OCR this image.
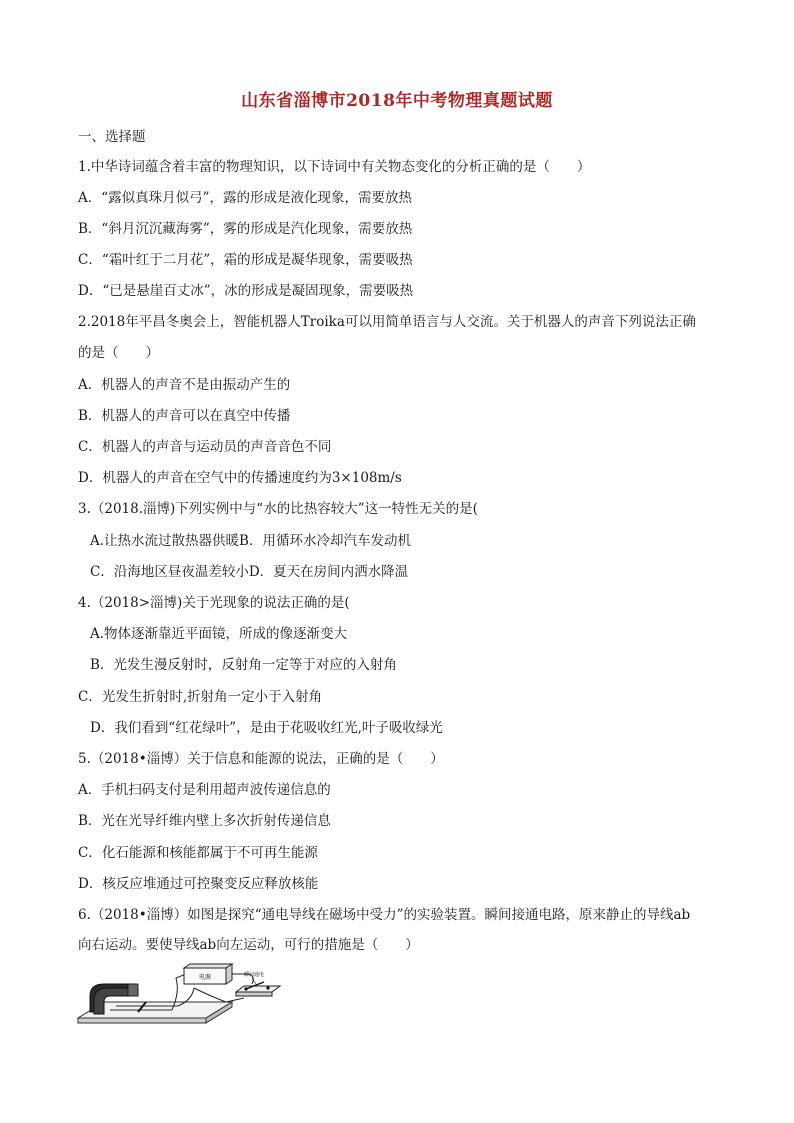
山东省淄博市2018年中考物理真题试题

一、选择题

1.中华诗词蕴含着丰富的物理知识，以下诗词中有关物态变化的分析正确的是（　　）

A．“露似真珠月似弓”，露的形成是液化现象，需要放热

B．“斜月沉沉藏海雾”，雾的形成是汽化现象，需要放热

C．“霜叶红于二月花”，霜的形成是凝华现象，需要吸热

D．“已是悬崖百丈冰”，冰的形成是凝固现象，需要吸热

2.2018年平昌冬奥会上，智能机器人Troika可以用简单语言与人交流。关于机器人的声音下列说法正确

的是（　　）

A．机器人的声音不是由振动产生的

B．机器人的声音可以在真空中传播

C．机器人的声音与运动员的声音音色不同

D．机器人的声音在空气中的传播速度约为3×108m/s

3.（2018.淄博)下列实例中与“水的比热容较大”这一特性无关的是(

A.让热水流过散热器供暖B．用循环水冷却汽车发动机

C．沿海地区昼夜温差较小D．夏天在房间内洒水降温

4.（2018>淄博)关于光现象的说法正确的是(

A.物体逐渐靠近平面镜，所成的像逐渐变大

B．光发生漫反射时，反射角一定等于对应的入射角

C．光发生折射时,折射角一定小于入射角

D．我们看到“红花绿叶”，是由于花吸收红光,叶子吸收绿光

5.（2018•淄博）关于信息和能源的说法，正确的是（　　）

A．手机扫码支付是利用超声波传递信息的

B．光在光导纤维内壁上多次折射传递信息

C．化石能源和核能都属于不可再生能源

D．核反应堆通过可控聚变反应释放核能

6.（2018•淄博）如图是探究“通电导线在磁场中受力”的实验装置。瞬间接通电路，原来静止的导线ab

向右运动。要使导线ab向左运动，可行的措施是（　　）

电源	瞬间通电
